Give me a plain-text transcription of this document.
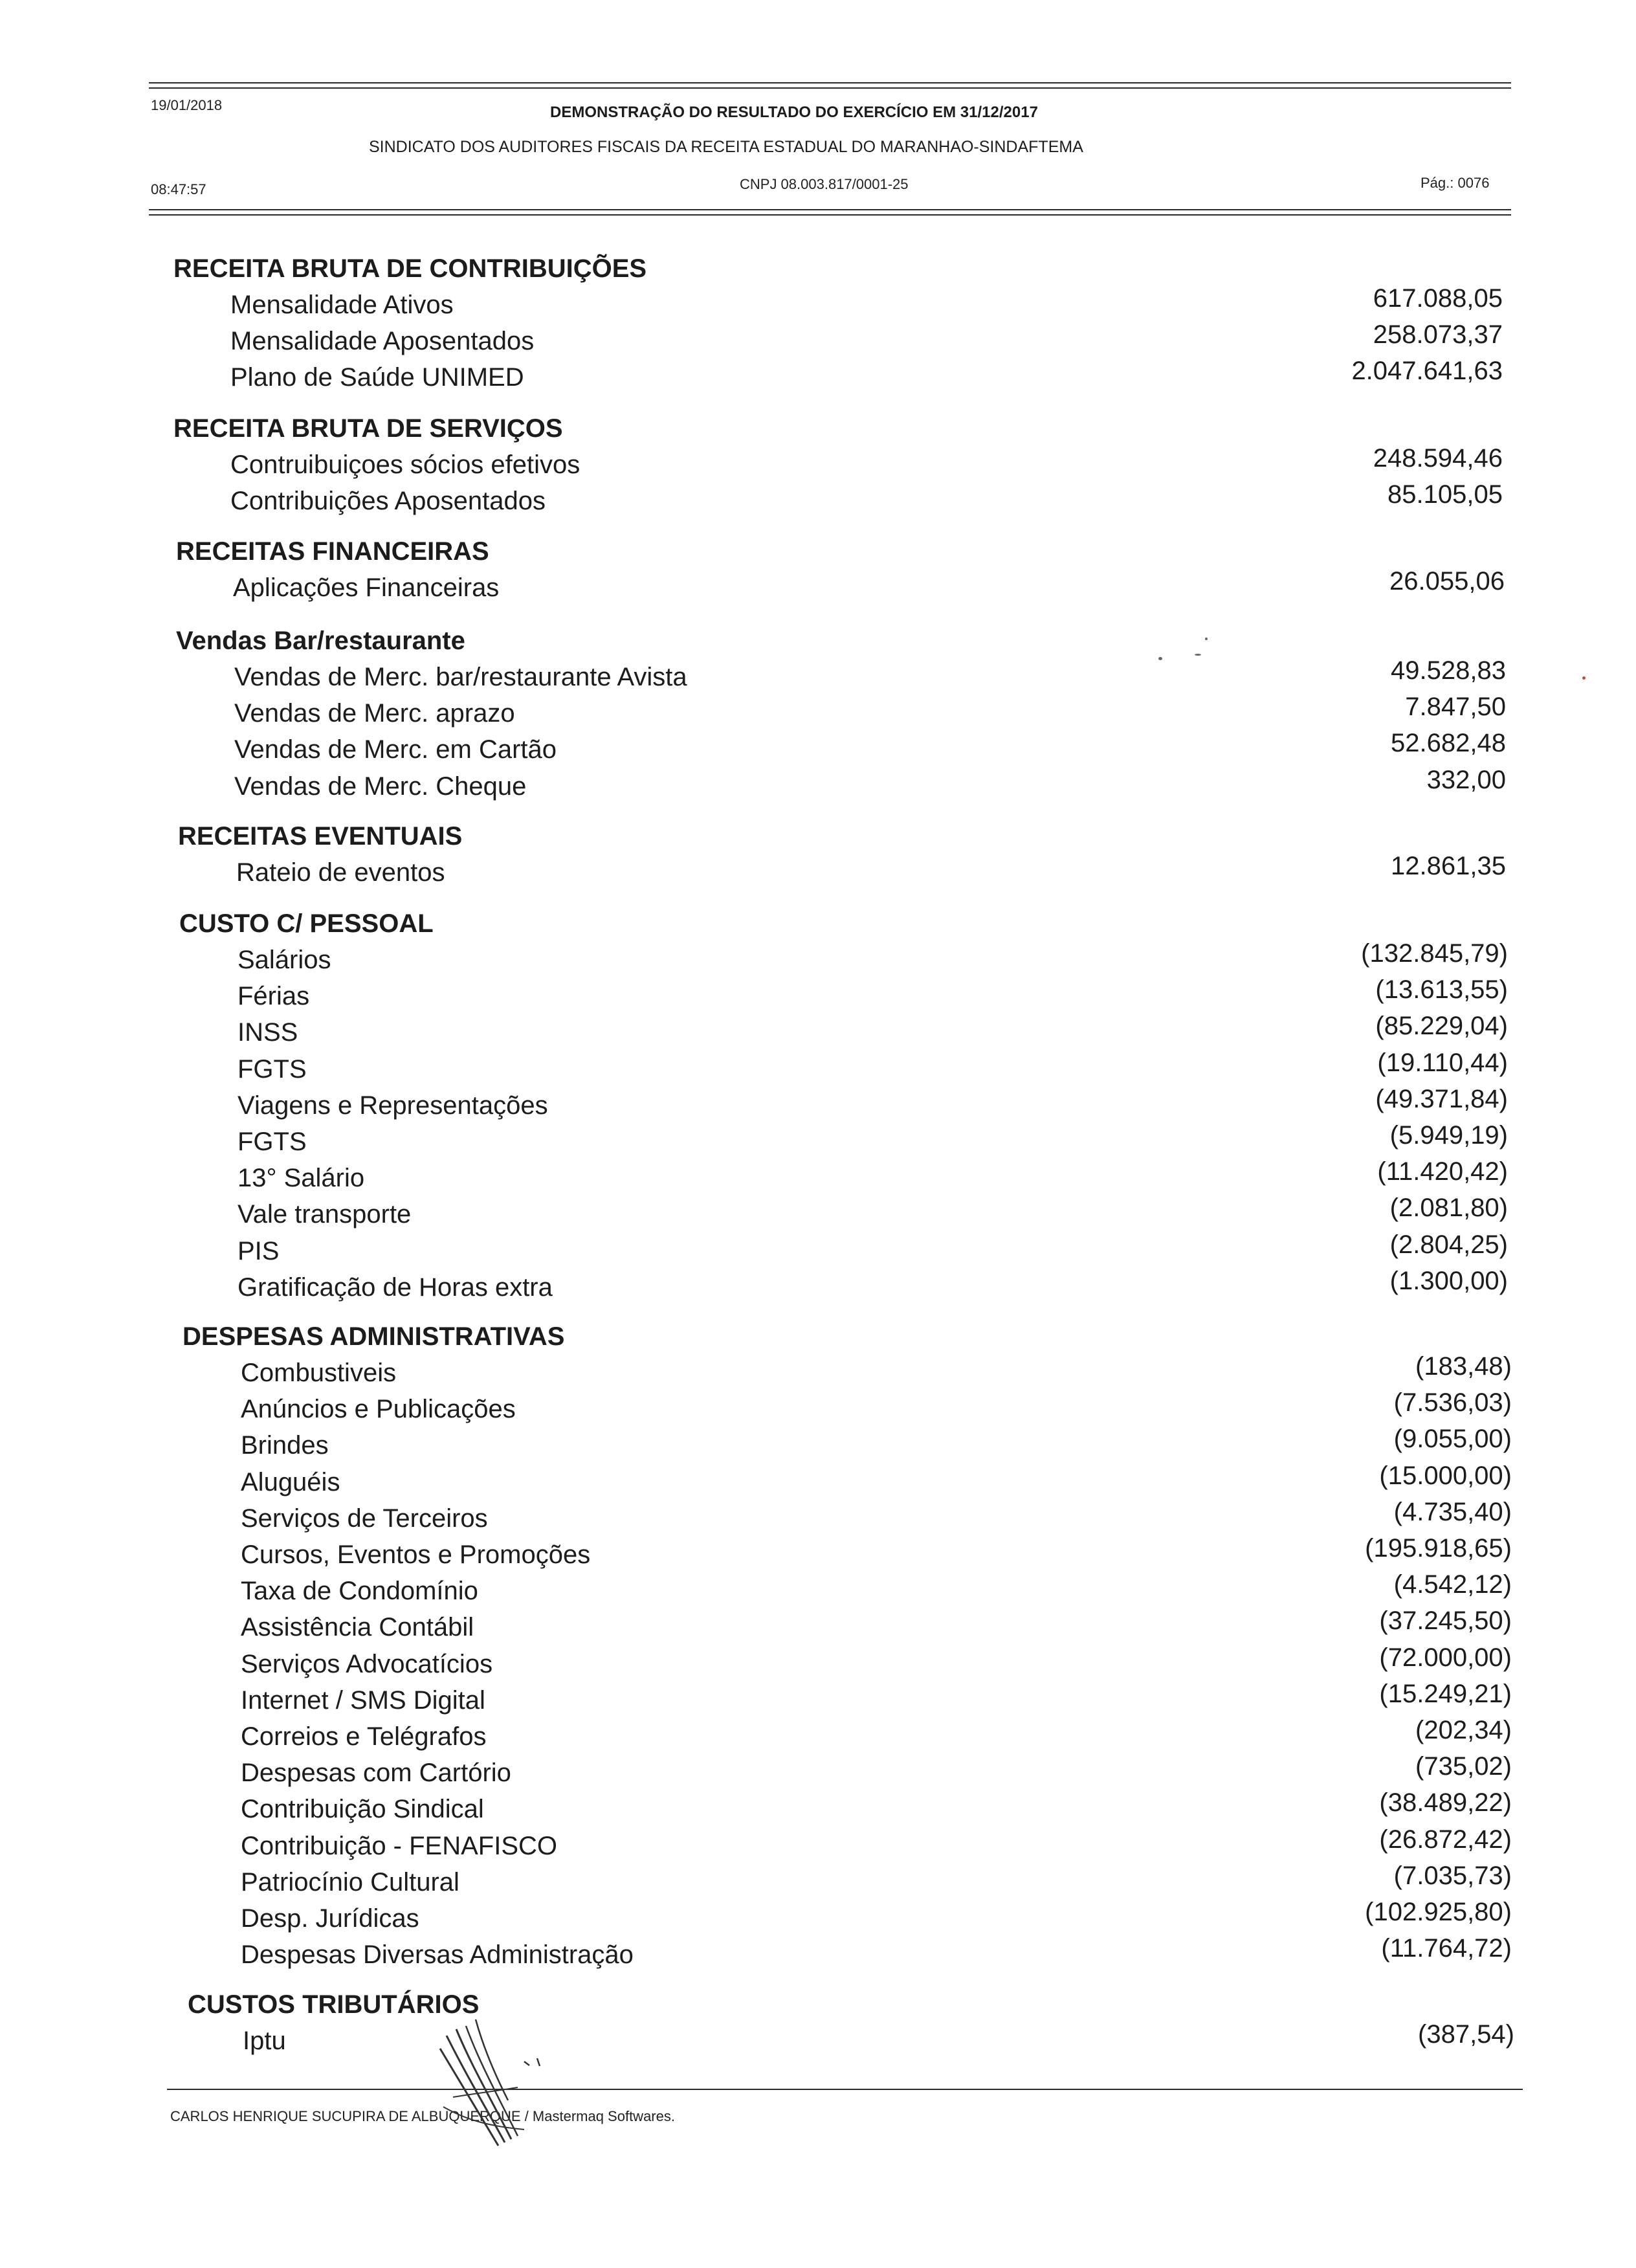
19/01/2018	DEMONSTRAÇÃO DO RESULTADO DO EXERCÍCIO EM 31/12/2017
SINDICATO DOS AUDITORES FISCAIS DA RECEITA ESTADUAL DO MARANHAO-SINDAFTEMA
08:47:57	CNPJ 08.003.817/0001-25	Pág.: 0076
RECEITA BRUTA DE CONTRIBUIÇÕES
Mensalidade Ativos	617.088,05
Mensalidade Aposentados	258.073,37
Plano de Saúde UNIMED	2.047.641,63
RECEITA BRUTA DE SERVIÇOS
Contruibuiçoes sócios efetivos	248.594,46
Contribuições Aposentados	85.105,05
RECEITAS FINANCEIRAS
Aplicações Financeiras	26.055,06
Vendas Bar/restaurante
Vendas de Merc. bar/restaurante Avista	49.528,83
Vendas de Merc. aprazo	7.847,50
Vendas de Merc. em Cartão	52.682,48
Vendas de Merc. Cheque	332,00
RECEITAS EVENTUAIS
Rateio de eventos	12.861,35
CUSTO C/ PESSOAL
Salários	(132.845,79)
Férias	(13.613,55)
INSS	(85.229,04)
FGTS	(19.110,44)
Viagens e Representações	(49.371,84)
FGTS	(5.949,19)
13° Salário	(11.420,42)
Vale transporte	(2.081,80)
PIS	(2.804,25)
Gratificação de Horas extra	(1.300,00)
DESPESAS ADMINISTRATIVAS
Combustiveis	(183,48)
Anúncios e Publicações	(7.536,03)
Brindes	(9.055,00)
Aluguéis	(15.000,00)
Serviços de Terceiros	(4.735,40)
Cursos, Eventos e Promoções	(195.918,65)
Taxa de Condomínio	(4.542,12)
Assistência Contábil	(37.245,50)
Serviços Advocatícios	(72.000,00)
Internet / SMS Digital	(15.249,21)
Correios e Telégrafos	(202,34)
Despesas com Cartório	(735,02)
Contribuição Sindical	(38.489,22)
Contribuição - FENAFISCO	(26.872,42)
Patriocínio Cultural	(7.035,73)
Desp. Jurídicas	(102.925,80)
Despesas Diversas Administração	(11.764,72)
CUSTOS TRIBUTÁRIOS
Iptu	(387,54)
CARLOS HENRIQUE SUCUPIRA DE ALBUQUERQUE / Mastermaq Softwares.
